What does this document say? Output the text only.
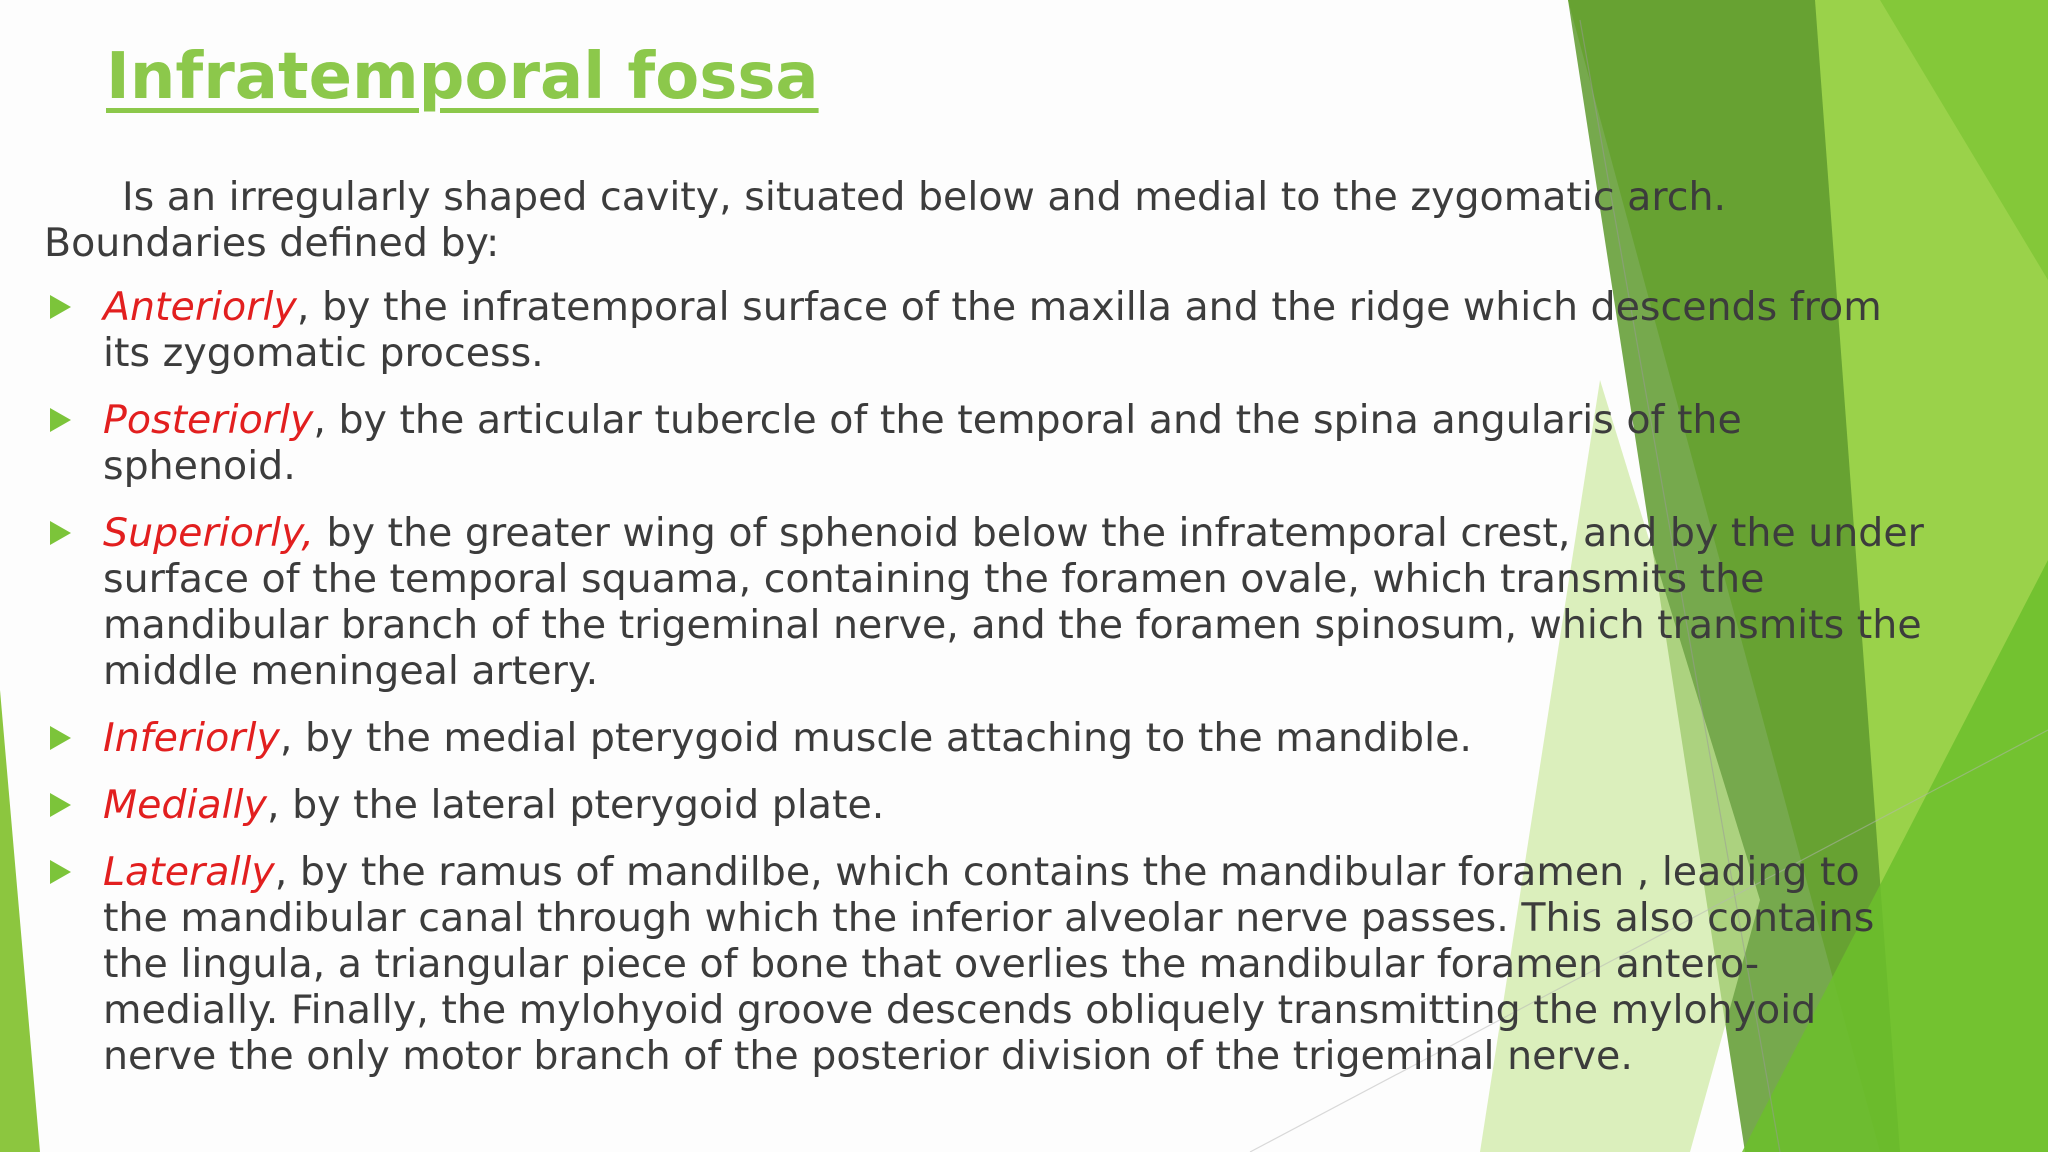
Infratemporal fossa

Is an irregularly shaped cavity, situated below and medial to the zygomatic arch. Boundaries defined by:

Anteriorly, by the infratemporal surface of the maxilla and the ridge which descends from its zygomatic process.
Posteriorly, by the articular tubercle of the temporal and the spina angularis of the sphenoid.
Superiorly, by the greater wing of sphenoid below the infratemporal crest, and by the under surface of the temporal squama, containing the foramen ovale, which transmits the mandibular branch of the trigeminal nerve, and the foramen spinosum, which transmits the middle meningeal artery.
Inferiorly, by the medial pterygoid muscle attaching to the mandible.
Medially, by the lateral pterygoid plate.
Laterally, by the ramus of mandilbe, which contains the mandibular foramen , leading to the mandibular canal through which the inferior alveolar nerve passes. This also contains the lingula, a triangular piece of bone that overlies the mandibular foramen antero-medially. Finally, the mylohyoid groove descends obliquely transmitting the mylohyoid nerve the only motor branch of the posterior division of the trigeminal nerve.
